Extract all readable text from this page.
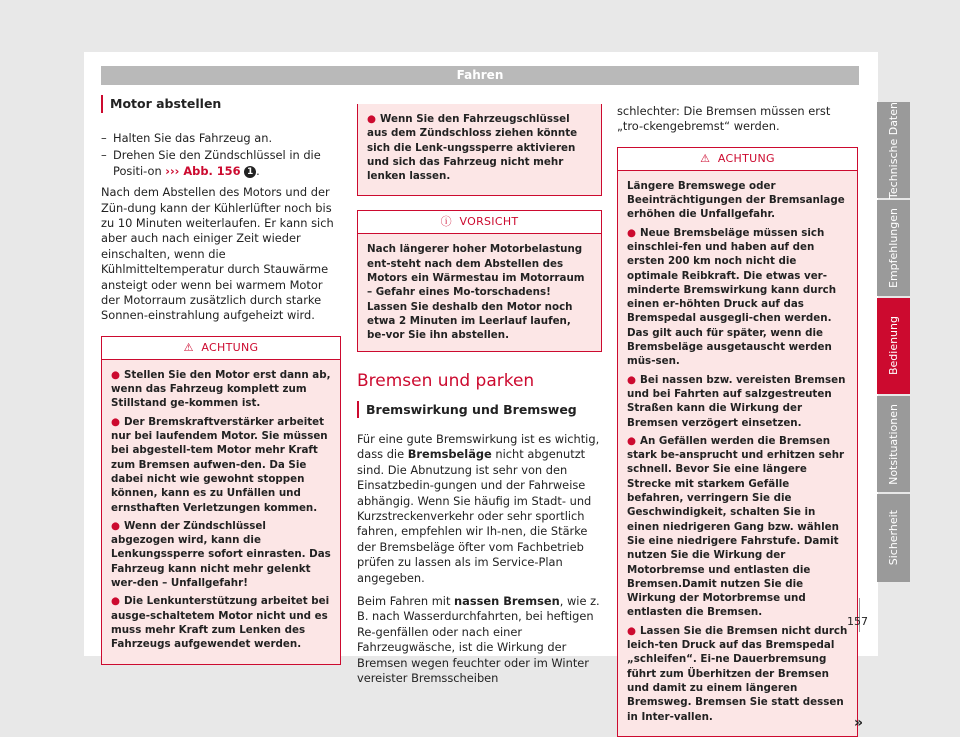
Fahren
Motor abstellen
– Halten Sie das Fahrzeug an.
– Drehen Sie den Zündschlüssel in die Positi-on ››› Abb. 156 1 .

Nach dem Abstellen des Motors und der Zün-dung kann der Kühlerlüfter noch bis zu 10 Minuten weiterlaufen. Er kann sich aber auch nach einiger Zeit wieder einschalten, wenn die Kühlmitteltemperatur durch Stauwärme ansteigt oder wenn bei warmem Motor der Motorraum zusätzlich durch starke Sonnen-einstrahlung aufgeheizt wird.

⚠ ACHTUNG
● Stellen Sie den Motor erst dann ab, wenn das Fahrzeug komplett zum Stillstand ge-kommen ist.
● Der Bremskraftverstärker arbeitet nur bei laufendem Motor. Sie müssen bei abgestell-tem Motor mehr Kraft zum Bremsen aufwen-den. Da Sie dabei nicht wie gewohnt stoppen können, kann es zu Unfällen und ernsthaften Verletzungen kommen.
● Wenn der Zündschlüssel abgezogen wird, kann die Lenkungssperre sofort einrasten. Das Fahrzeug kann nicht mehr gelenkt wer-den – Unfallgefahr!
● Die Lenkunterstützung arbeitet bei ausge-schaltetem Motor nicht und es muss mehr Kraft zum Lenken des Fahrzeugs aufgewendet werden.
● Wenn Sie den Fahrzeugschlüssel aus dem Zündschloss ziehen könnte sich die Lenk-ungssperre aktivieren und sich das Fahrzeug nicht mehr lenken lassen.
ⓘ VORSICHT
Nach längerer hoher Motorbelastung ent-steht nach dem Abstellen des Motors ein Wärmestau im Motorraum – Gefahr eines Mo-torschadens! Lassen Sie deshalb den Motor noch etwa 2 Minuten im Leerlauf laufen, be-vor Sie ihn abstellen.
Bremsen und parken
Bremswirkung und Bremsweg

Für eine gute Bremswirkung ist es wichtig, dass die Bremsbeläge nicht abgenutzt sind. Die Abnutzung ist sehr von den Einsatzbedin-gungen und der Fahrweise abhängig. Wenn Sie häufig im Stadt- und Kurzstreckenverkehr oder sehr sportlich fahren, empfehlen wir Ih-nen, die Stärke der Bremsbeläge öfter vom Fachbetrieb prüfen zu lassen als im Service-Plan angegeben.

Beim Fahren mit nassen Bremsen, wie z. B. nach Wasserdurchfahrten, bei heftigen Re-genfällen oder nach einer Fahrzeugwäsche, ist die Wirkung der Bremsen wegen feuchter oder im Winter vereister Bremsscheiben

schlechter: Die Bremsen müssen erst „tro-ckengebremst“ werden.

⚠ ACHTUNG
Längere Bremswege oder Beeinträchtigungen der Bremsanlage erhöhen die Unfallgefahr.
● Neue Bremsbeläge müssen sich einschlei-fen und haben auf den ersten 200 km noch nicht die optimale Reibkraft. Die etwas ver-minderte Bremswirkung kann durch einen er-höhten Druck auf das Bremspedal ausgegli-chen werden. Das gilt auch für später, wenn die Bremsbeläge ausgetauscht werden müs-sen.
● Bei nassen bzw. vereisten Bremsen und bei Fahrten auf salzgestreuten Straßen kann die Wirkung der Bremsen verzögert einsetzen.
● An Gefällen werden die Bremsen stark be-ansprucht und erhitzen sehr schnell. Bevor Sie eine längere Strecke mit starkem Gefälle befahren, verringern Sie die Geschwindigkeit, schalten Sie in einen niedrigeren Gang bzw. wählen Sie eine niedrigere Fahrstufe. Damit nutzen Sie die Wirkung der Motorbremse und entlasten die Bremsen.Damit nutzen Sie die Wirkung der Motorbremse und entlasten die Bremsen.
● Lassen Sie die Bremsen nicht durch leich-ten Druck auf das Bremspedal „schleifen“. Ei-ne Dauerbremsung führt zum Überhitzen der Bremsen und damit zu einem längeren Bremsweg. Bremsen Sie statt dessen in Inter-vallen.	»
Technische Daten
Empfehlungen
Bedienung
Notsituationen
Sicherheit
157
